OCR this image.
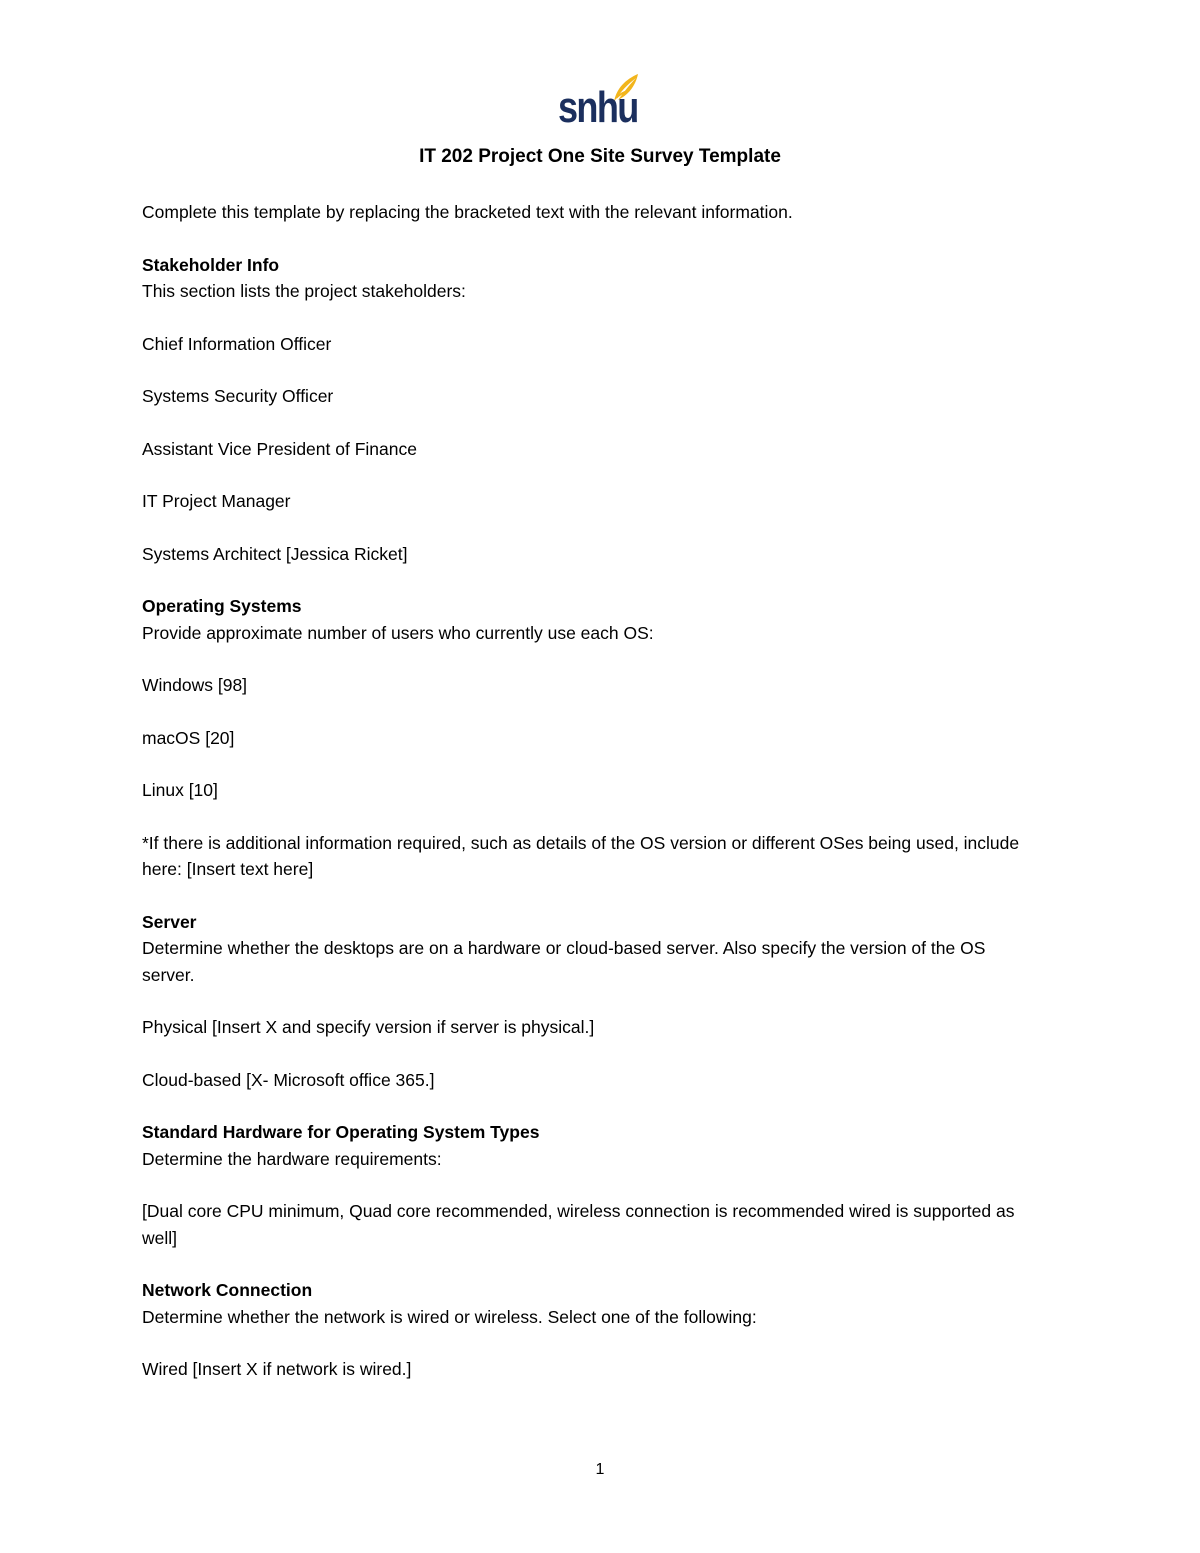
snhu
IT 202 Project One Site Survey Template

Complete this template by replacing the bracketed text with the relevant information.

Stakeholder Info
This section lists the project stakeholders:

Chief Information Officer

Systems Security Officer

Assistant Vice President of Finance

IT Project Manager

Systems Architect [Jessica Ricket]

Operating Systems
Provide approximate number of users who currently use each OS:

Windows [98]

macOS [20]

Linux [10]

*If there is additional information required, such as details of the OS version or different OSes being used, include here: [Insert text here]

Server
Determine whether the desktops are on a hardware or cloud-based server. Also specify the version of the OS server.

Physical [Insert X and specify version if server is physical.]

Cloud-based [X- Microsoft office 365.]

Standard Hardware for Operating System Types
Determine the hardware requirements:

[Dual core CPU minimum, Quad core recommended, wireless connection is recommended wired is supported as well]

Network Connection
Determine whether the network is wired or wireless. Select one of the following:

Wired [Insert X if network is wired.]

1
